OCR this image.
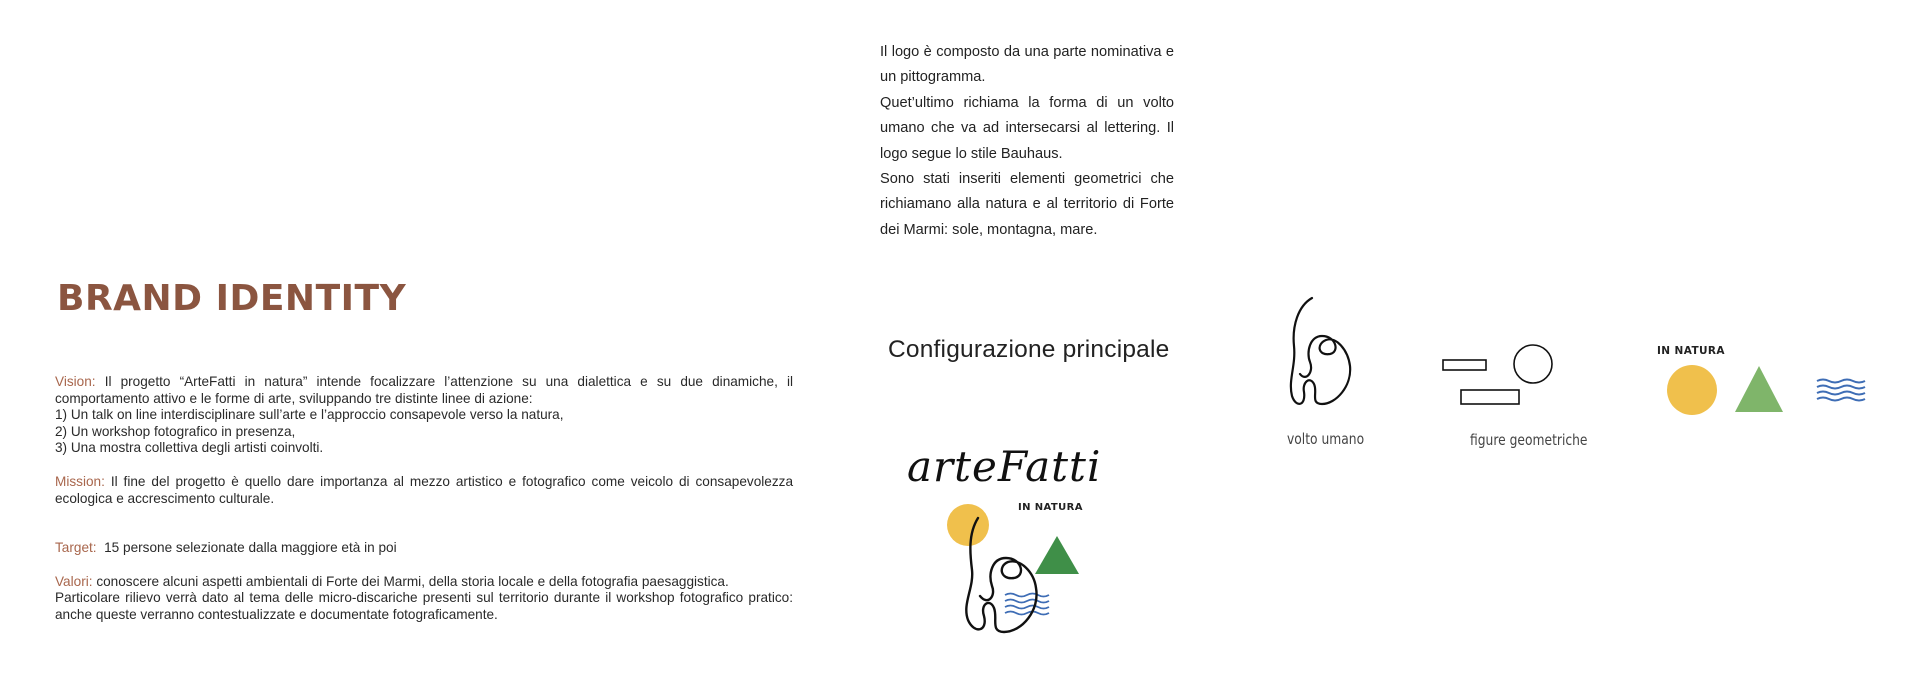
Il logo è composto da una parte nominativa e un pittogramma.

Quet’ultimo richiama la forma di un volto umano che va ad intersecarsi al lettering. Il logo segue lo stile Bauhaus.

Sono stati inseriti elementi geometrici che richiamano alla natura e al territorio di Forte dei Marmi: sole, montagna, mare.

BRAND IDENTITY

Vision: Il progetto “ArteFatti in natura” intende focalizzare l’attenzione su una dialettica e su due dinamiche, il comportamento attivo e le forme di arte, sviluppando tre distinte linee di azione:

1) Un talk on line interdisciplinare sull’arte e l’approccio consapevole verso la natura,

2) Un workshop fotografico in presenza,

3) Una mostra collettiva degli artisti coinvolti.

Mission: Il fine del progetto è quello dare importanza al mezzo artistico e fotografico come veicolo di consapevolezza ecologica e accrescimento culturale.

Target: 15 persone selezionate dalla maggiore età in poi

Valori: conoscere alcuni aspetti ambientali di Forte dei Marmi, della storia locale e della fotografia paesaggistica.

Particolare rilievo verrà dato al tema delle micro-discariche presenti sul territorio durante il workshop fotografico pratico: anche queste verranno contestualizzate e documentate fotograficamente.

Configurazione principale
volto umano	figure geometriche
IN NATURA
arteFatti
IN NATURA
